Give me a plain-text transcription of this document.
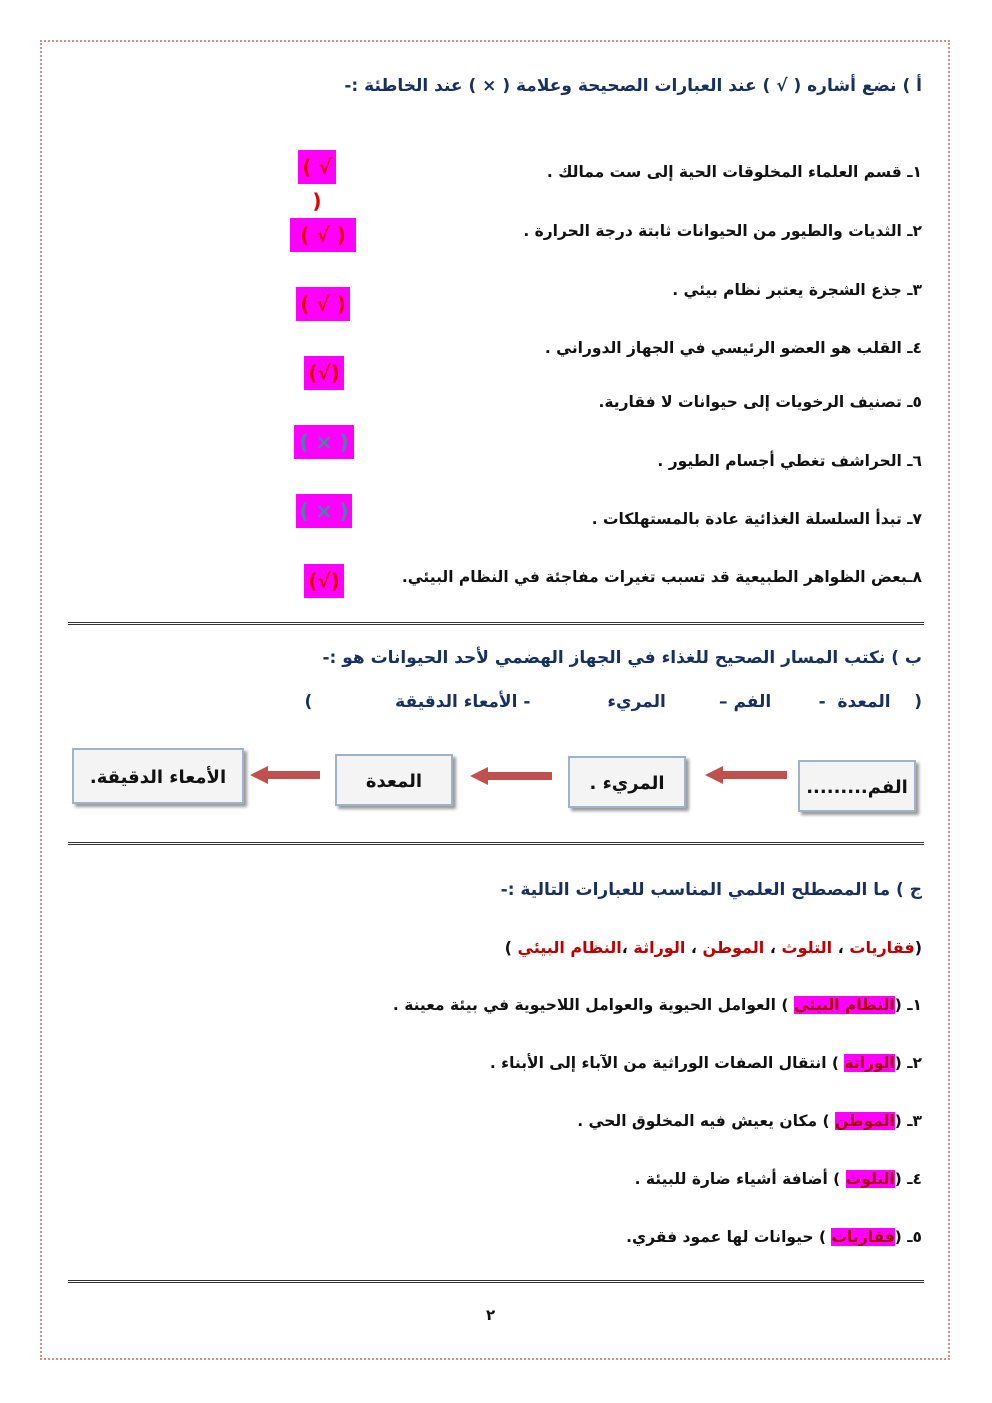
أ ) نضع أشاره ( √ ) عند العبارات الصحيحة وعلامة ( × ) عند الخاطئة :-
١ـ قسم العلماء المخلوقات الحية إلى ست ممالك .
( √ )
٢ـ الثديات والطيور من الحيوانات ثابتة درجة الحرارة .
( √ )
٣ـ جذع الشجرة يعتبر نظام بيئي .
( √ )
٤ـ القلب هو العضو الرئيسي في الجهاز الدوراني .
(√)
٥ـ تصنيف الرخويات إلى حيوانات لا فقارية.
( × )
٦ـ الحراشف تغطي أجسام الطيور .
٧ـ تبدأ السلسلة الغذائية عادة بالمستهلكات .
( × )
٨ـبعض الظواهر الطبيعية قد تسبب تغيرات مفاجئة في النظام البيئي.
(√)
ب ) نكتب المسار الصحيح للغذاء في الجهاز الهضمي لأحد الحيوانات هو :-
(    المعدة  -        الفم –         المريء             - الأمعاء الدقيقة              )
الفم.........
المريء .
المعدة
الأمعاء الدقيقة.
ج ) ما المصطلح العلمي المناسب للعبارات التالية :-
(فقاريات ، التلوث ، الموطن ، الوراثة ،النظام البيئي )
١ـ (النظام البيئي ) العوامل الحيوية والعوامل اللاحيوية في بيئة معينة .
٢ـ (الوراثة ) انتقال الصفات الوراثية من الآباء إلى الأبناء .
٣ـ (الموطن ) مكان يعيش فيه المخلوق الحي .
٤ـ (التلوث ) أضافة أشياء ضارة للبيئة .
٥ـ (فقاريات ) حيوانات لها عمود فقري.
٢
